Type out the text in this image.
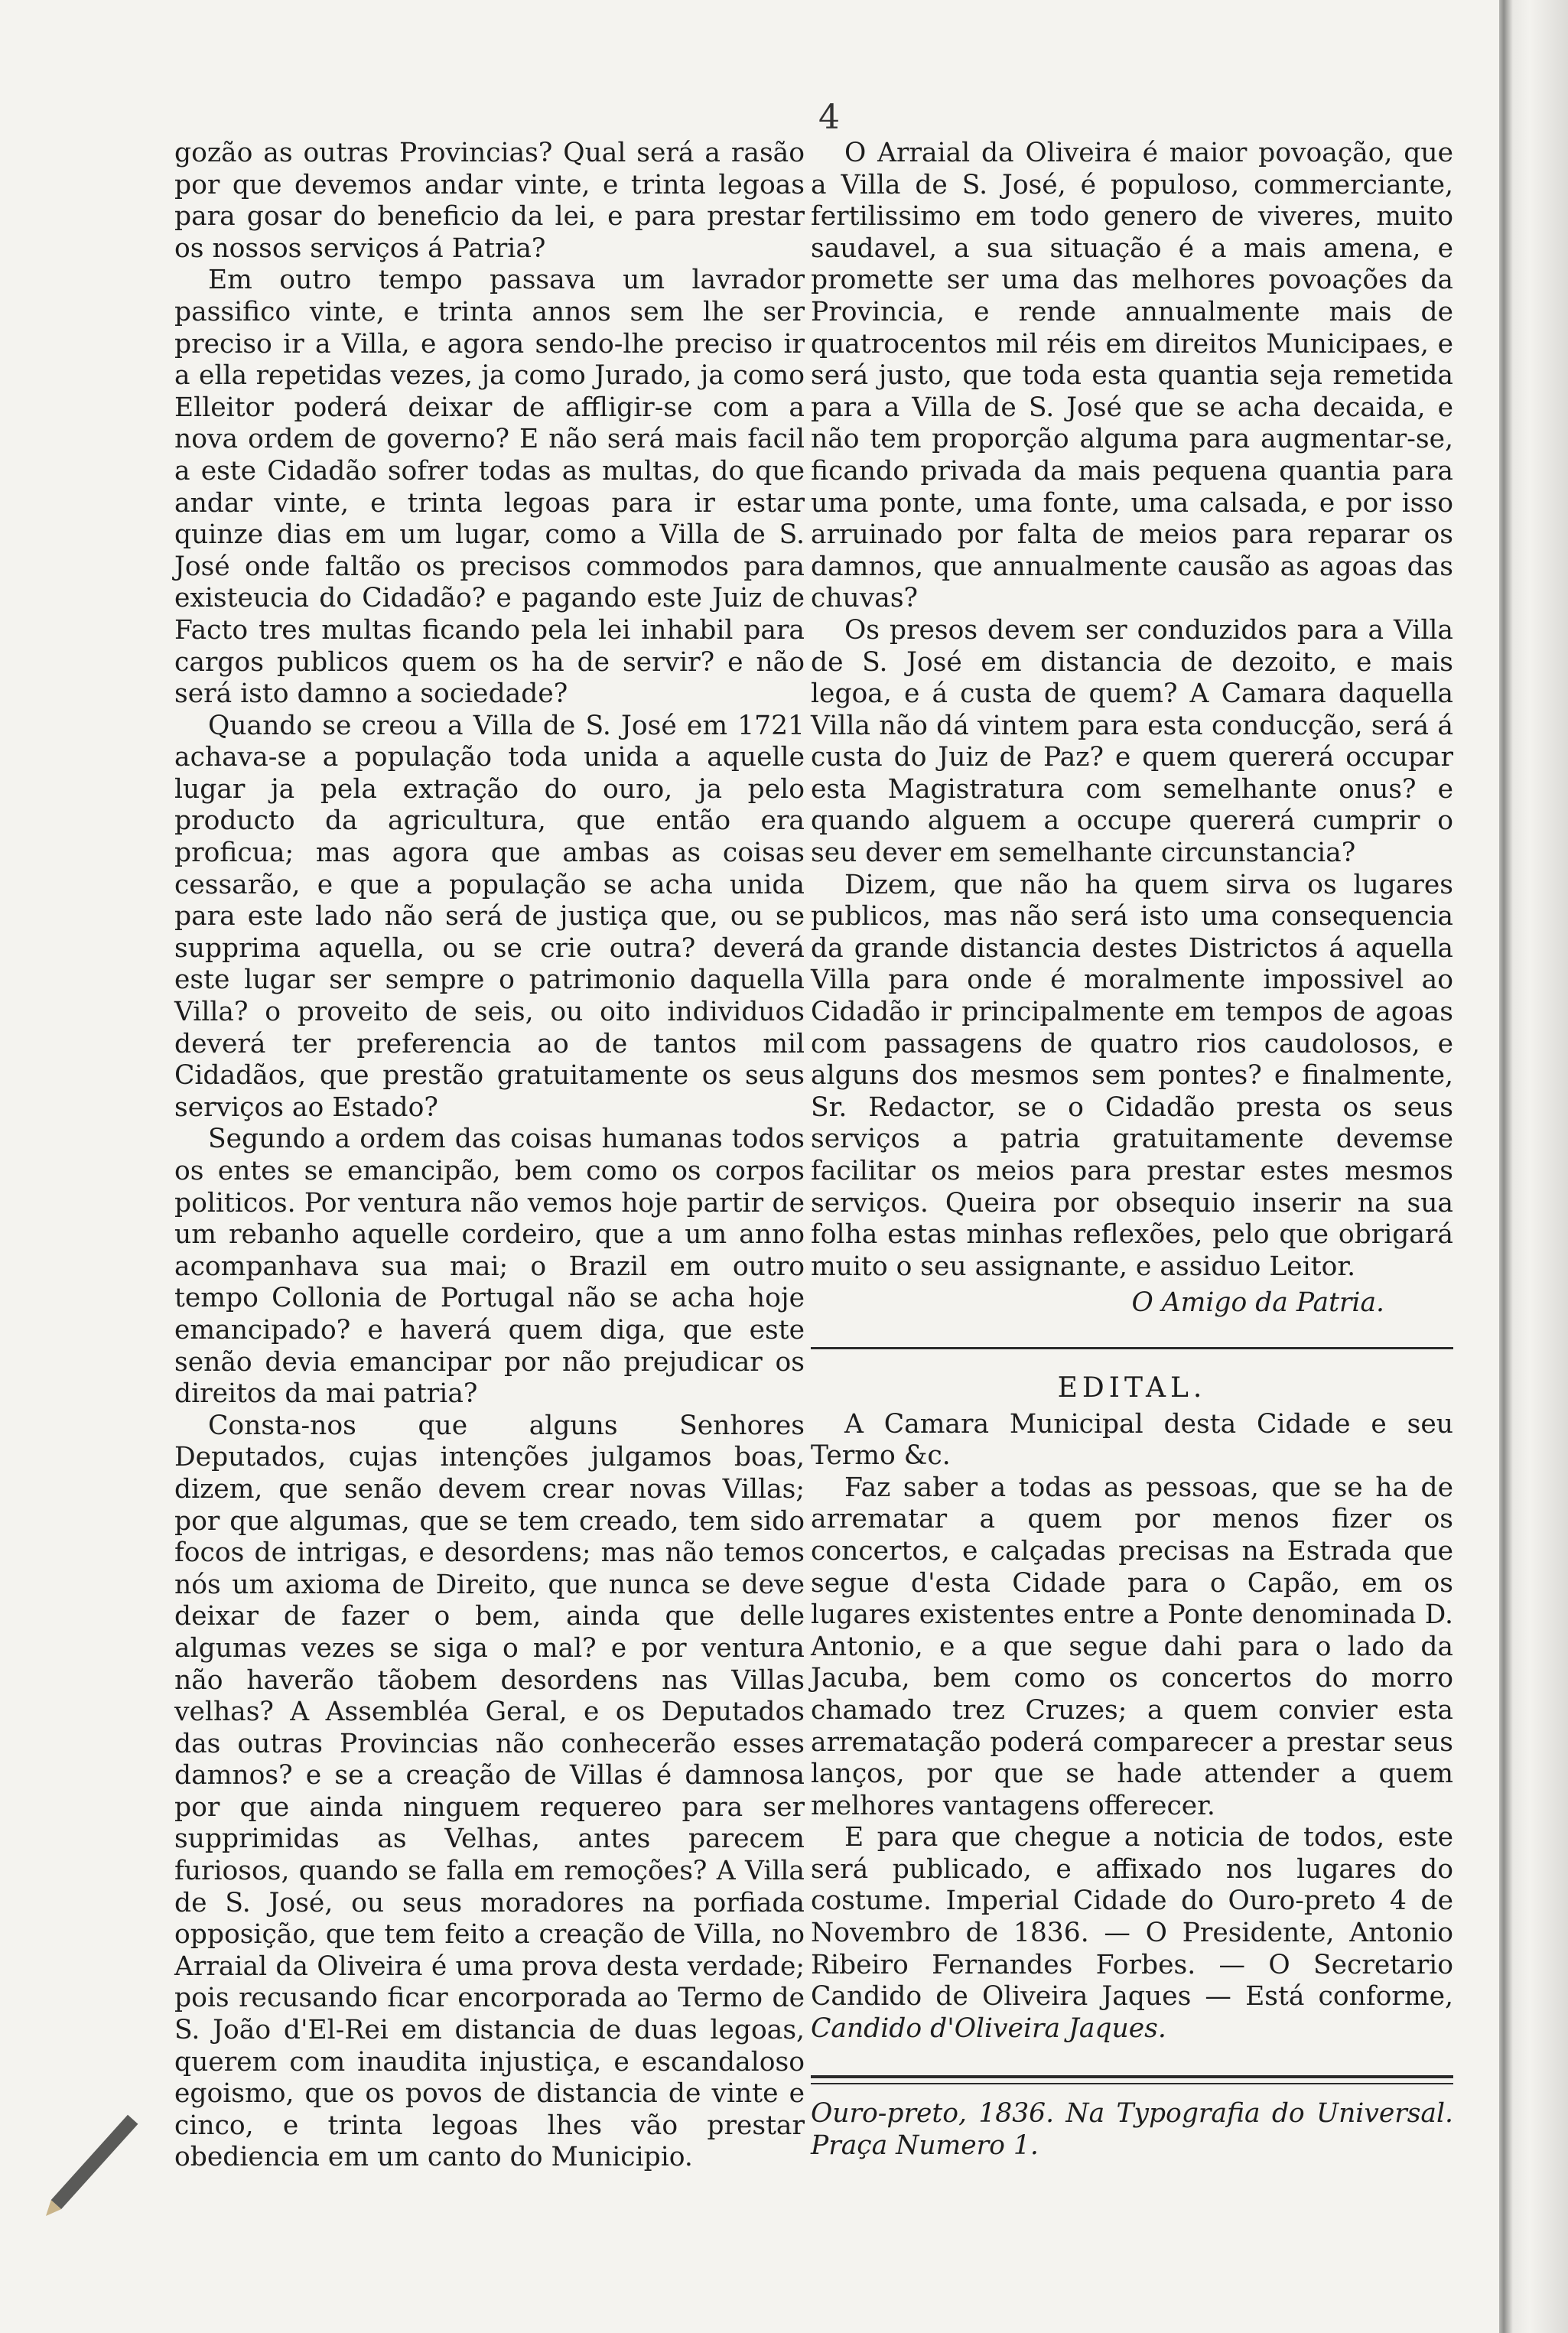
4

gozão as outras Provincias? Qual será a rasão por que devemos andar vinte, e trinta legoas para gosar do beneficio da lei, e para prestar os nossos serviços á Patria?

Em outro tempo passava um lavrador passifico vinte, e trinta annos sem lhe ser preciso ir a Villa, e agora sendo-lhe preciso ir a ella repetidas vezes, ja como Jurado, ja como Elleitor poderá deixar de affligir-se com a nova ordem de governo? E não será mais facil a este Cidadão sofrer todas as multas, do que andar vinte, e trinta legoas para ir estar quinze dias em um lugar, como a Villa de S. José onde faltão os precisos commodos para existeucia do Cidadão? e pagando este Juiz de Facto tres multas ficando pela lei inhabil para cargos publicos quem os ha de servir? e não será isto damno a sociedade?

Quando se creou a Villa de S. José em 1721 achava-se a população toda unida a aquelle lugar ja pela extração do ouro, ja pelo producto da agricultura, que então era proficua; mas agora que ambas as coisas cessarão, e que a população se acha unida para este lado não será de justiça que, ou se supprima aquella, ou se crie outra? deverá este lugar ser sempre o patrimonio daquella Villa? o proveito de seis, ou oito individuos deverá ter preferencia ao de tantos mil Cidadãos, que prestão gratuitamente os seus serviços ao Estado?

Segundo a ordem das coisas humanas todos os entes se emancipão, bem como os corpos politicos. Por ventura não vemos hoje partir de um rebanho aquelle cordeiro, que a um anno acompanhava sua mai; o Brazil em outro tempo Collonia de Portugal não se acha hoje emancipado? e haverá quem diga, que este senão devia emancipar por não prejudicar os direitos da mai patria?

Consta-nos que alguns Senhores Deputados, cujas intenções julgamos boas, dizem, que senão devem crear novas Villas; por que algumas, que se tem creado, tem sido focos de intrigas, e desordens; mas não temos nós um axioma de Direito, que nunca se deve deixar de fazer o bem, ainda que delle algumas vezes se siga o mal? e por ventura não haverão tãobem desordens nas Villas velhas? A Assembléa Geral, e os Deputados das outras Provincias não conhecerão esses damnos? e se a creação de Villas é damnosa por que ainda ninguem requereo para ser supprimidas as Velhas, antes parecem furiosos, quando se falla em remoções? A Villa de S. José, ou seus moradores na porfiada opposição, que tem feito a creação de Villa, no Arraial da Oliveira é uma prova desta verdade; pois recusando ficar encorporada ao Termo de S. João d'El-Rei em distancia de duas legoas, querem com inaudita injustiça, e escandaloso egoismo, que os povos de distancia de vinte e cinco, e trinta legoas lhes vão prestar obediencia em um canto do Municipio.

O Arraial da Oliveira é maior povoação, que a Villa de S. José, é populoso, commerciante, fertilissimo em todo genero de viveres, muito saudavel, a sua situação é a mais amena, e promette ser uma das melhores povoações da Provincia, e rende annualmente mais de quatrocentos mil réis em direitos Municipaes, e será justo, que toda esta quantia seja remetida para a Villa de S. José que se acha decaida, e não tem proporção alguma para augmentar-se, ficando privada da mais pequena quantia para uma ponte, uma fonte, uma calsada, e por isso arruinado por falta de meios para reparar os damnos, que annualmente causão as agoas das chuvas?

Os presos devem ser conduzidos para a Villa de S. José em distancia de dezoito, e mais legoa, e á custa de quem? A Camara daquella Villa não dá vintem para esta conducção, será á custa do Juiz de Paz? e quem quererá occupar esta Magistratura com semelhante onus? e quando alguem a occupe quererá cumprir o seu dever em semelhante circunstancia?

Dizem, que não ha quem sirva os lugares publicos, mas não será isto uma consequencia da grande distancia destes Districtos á aquella Villa para onde é moralmente impossivel ao Cidadão ir principalmente em tempos de agoas com passagens de quatro rios caudolosos, e alguns dos mesmos sem pontes? e finalmente, Sr. Redactor, se o Cidadão presta os seus serviços a patria gratuitamente devemse facilitar os meios para prestar estes mesmos serviços. Queira por obsequio inserir na sua folha estas minhas reflexões, pelo que obrigará muito o seu assignante, e assiduo Leitor.

O Amigo da Patria.
EDITAL.

A Camara Municipal desta Cidade e seu Termo &c.

Faz saber a todas as pessoas, que se ha de arrematar a quem por menos fizer os concertos, e calçadas precisas na Estrada que segue d'esta Cidade para o Capão, em os lugares existentes entre a Ponte denominada D. Antonio, e a que segue dahi para o lado da Jacuba, bem como os concertos do morro chamado trez Cruzes; a quem convier esta arrematação poderá comparecer a prestar seus lanços, por que se hade attender a quem melhores vantagens offerecer.

E para que chegue a noticia de todos, este será publicado, e affixado nos lugares do costume. Imperial Cidade do Ouro-preto 4 de Novembro de 1836. — O Presidente, Antonio Ribeiro Fernandes Forbes. — O Secretario Candido de Oliveira Jaques — Está conforme, Candido d'Oliveira Jaques.

Ouro-preto, 1836. Na Typografia do Universal. Praça Numero 1.
